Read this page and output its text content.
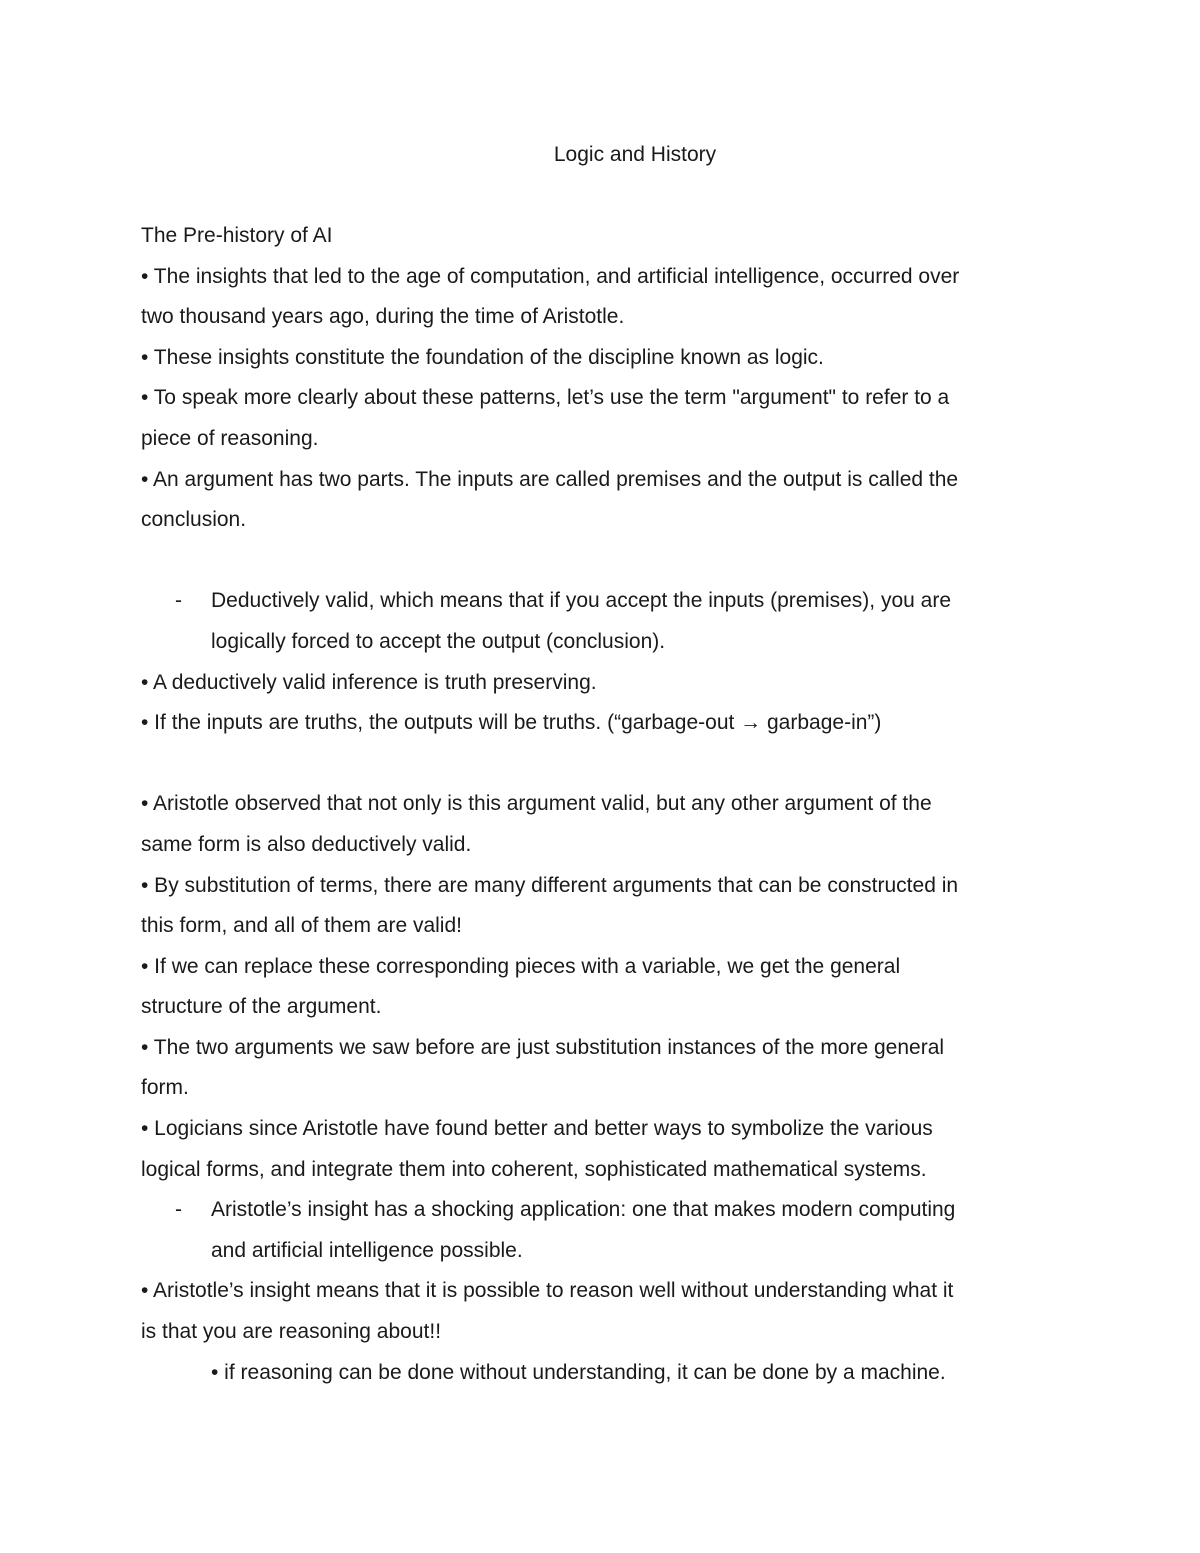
Logic and History
The Pre-history of AI
• The insights that led to the age of computation, and artificial intelligence, occurred over
two thousand years ago, during the time of Aristotle.
• These insights constitute the foundation of the discipline known as logic.
• To speak more clearly about these patterns, let’s use the term "argument" to refer to a
piece of reasoning.
• An argument has two parts. The inputs are called premises and the output is called the
conclusion.
- Deductively valid, which means that if you accept the inputs (premises), you are
logically forced to accept the output (conclusion).
• A deductively valid inference is truth preserving.
• If the inputs are truths, the outputs will be truths. (“garbage-out → garbage-in”)
• Aristotle observed that not only is this argument valid, but any other argument of the
same form is also deductively valid.
• By substitution of terms, there are many different arguments that can be constructed in
this form, and all of them are valid!
• If we can replace these corresponding pieces with a variable, we get the general
structure of the argument.
• The two arguments we saw before are just substitution instances of the more general
form.
• Logicians since Aristotle have found better and better ways to symbolize the various
logical forms, and integrate them into coherent, sophisticated mathematical systems.
- Aristotle’s insight has a shocking application: one that makes modern computing
and artificial intelligence possible.
• Aristotle’s insight means that it is possible to reason well without understanding what it
is that you are reasoning about!!
• if reasoning can be done without understanding, it can be done by a machine.
